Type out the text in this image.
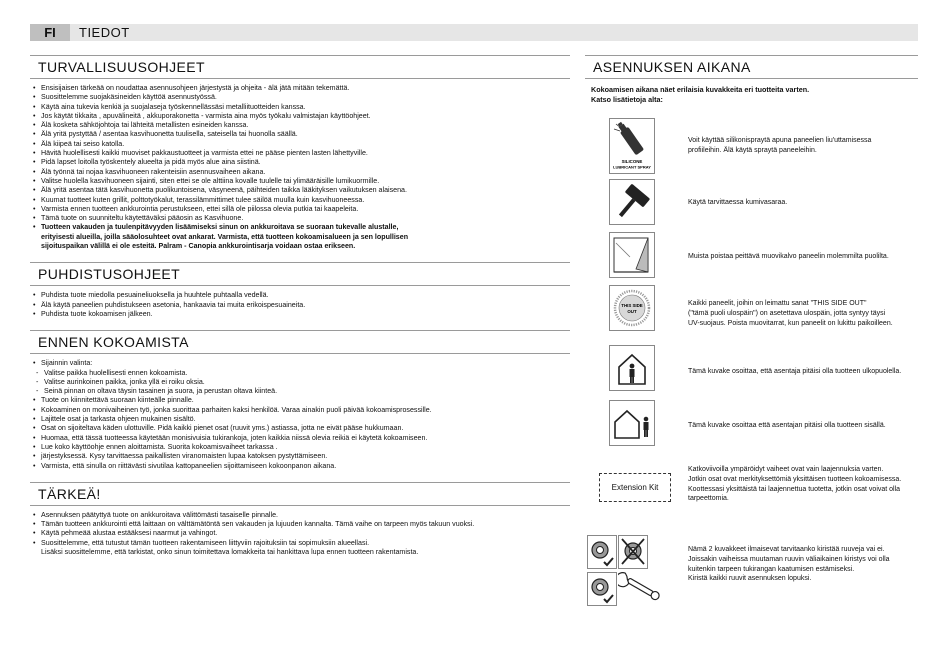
FI	TIEDOT
TURVALLISUUSOHJEET
• Ensisijaisen tärkeää on noudattaa asennusohjeen järjestystä ja ohjeita - älä jätä mitään tekemättä.
• Suosittelemme suojakäsineiden käyttöä asennustyössä.
• Käytä aina tukevia kenkiä ja suojalaseja työskennellässäsi metalliituotteiden kanssa.
• Jos käytät tikkaita , apuvälineitä , akkuporakonetta - varmista aina myös työkalu valmistajan käyttöohjeet.
• Älä kosketa sähköjohtoja tai lähteitä metallisten esineiden kanssa.
• Älä yritä pystyttää / asentaa kasvihuonetta tuulisella, sateisella tai huonolla säällä.
• Älä kiipeä tai seiso katolla.
• Hävitä huolellisesti kaikki muoviset pakkaustuotteet ja varmista ettei ne pääse pienten lasten lähettyville.
• Pidä lapset loitolla työskentely alueelta ja pidä myös alue aina siistinä.
• Älä työnnä tai nojaa kasvihuoneen rakenteisiin asennusvaiheen aikana.
• Valitse huolella kasvihuoneen sijainti, siten ettei se ole alttiina kovalle tuulelle tai ylimääräisille lumikuormille.
• Älä yritä asentaa tätä kasvihuonetta puolikuntoisena, väsyneenä, päihteiden taikka lääkityksen vaikutuksen alaisena.
• Kuumat tuotteet kuten grillit, polttotyökalut, terassilämmittimet tulee säilöä muulla kuin kasvihuoneessa.
• Varmista ennen tuotteen ankkurointia perustukseen, ettei sillä ole piilossa olevia putkia tai kaapeleita.
• Tämä tuote on suunniteltu käytettäväksi pääosin as Kasvihuone.
• Tuotteen vakauden ja tuulenpitävyyden lisäämiseksi sinun on ankkuroitava se suoraan tukevalle alustalle,
erityisesti alueilla, joilla sääolosuhteet ovat ankarat. Varmista, että tuotteen kokoamisalueen ja sen lopullisen
sijoituspaikan välillä ei ole esteitä. Palram - Canopia ankkurointisarja voidaan ostaa erikseen.
PUHDISTUSOHJEET
• Puhdista tuote miedolla pesuaineliuoksella ja huuhtele puhtaalla vedellä.
• Älä käytä paneelien puhdistukseen asetonia, hankaavia tai muita erikoispesuaineita.
• Puhdista tuote kokoamisen jälkeen.
ENNEN KOKOAMISTA
• Sijainnin valinta:
- Valitse paikka huolellisesti ennen kokoamista.
- Valitse aurinkoinen paikka, jonka yllä ei roiku oksia.
- Seinä pinnan on oltava täysin tasainen ja suora, ja perustan oltava kiinteä.
• Tuote on kiinnitettävä suoraan kiinteälle pinnalle.
• Kokoaminen on monivaiheinen työ, jonka suorittaa parhaiten kaksi henkilöä. Varaa ainakin puoli päivää kokoamisprosessille.
• Lajittele osat ja tarkasta ohjeen mukainen sisältö.
• Osat on sijoiteltava käden ulottuville. Pidä kaikki pienet osat (ruuvit yms.) astiassa, jotta ne eivät pääse hukkumaan.
• Huomaa, että tässä tuotteessa käytetään monisivuisia tukirankoja, joten kaikkia niissä olevia reikiä ei käytetä kokoamiseen.
• Lue koko käyttöohje ennen aloittamista. Suorita kokoamisvaiheet tarkassa .
• järjestyksessä. Kysy tarvittaessa paikallisten viranomaisten lupaa katoksen pystyttämiseen.
• Varmista, että sinulla on riittävästi sivutilaa kattopaneelien sijoittamiseen kokoonpanon aikana.
TÄRKEÄ!
• Asennuksen päätyttyä tuote on ankkuroitava välittömästi tasaiselle pinnalle.
• Tämän tuotteen ankkurointi että laittaan on välttämätöntä sen vakauden ja lujuuden kannalta. Tämä vaihe on tarpeen myös takuun vuoksi.
• Käytä pehmeää alustaa estääksesi naarmut ja vahingot.
• Suosittelemme, että tutustut tämän tuotteen rakentamiseen liittyviin rajoituksiin tai sopimuksiin alueellasi.
Lisäksi suosittelemme, että tarkistat, onko sinun toimitettava lomakkeita tai hankittava lupa ennen tuotteen rakentamista.
ASENNUKSEN AIKANA
Kokoamisen aikana näet erilaisia kuvakkeita eri tuotteita varten.
Katso lisätietoja alta:
SILICONE
LUBRICANT SPRAY
Voit käyttää silikonispraytä apuna paneelien liu'uttamisessa
profiileihin. Älä käytä spraytä paneeleihin.
Käytä tarvittaessa kumivasaraa.
Muista poistaa peittävä muovikalvo paneelin molemmilta puolilta.
THIS SIDE
OUT
Kaikki paneelit, joihin on leimattu sanat "THIS SIDE OUT"
("tämä puoli ulospäin") on asetettava ulospäin, jotta syntyy täysi
UV-suojaus. Poista muovitarrat, kun paneelit on lukittu paikoilleen.
Tämä kuvake osoittaa, että asentaja pitäisi olla tuotteen ulkopuolella.
Tämä kuvake osoittaa että asentajan pitäisi olla tuotteen sisällä.
Extension Kit
Katkoviivoilla ympäröidyt vaiheet ovat vain laajennuksia varten.
Jotkin osat ovat merkityksettömiä yksittäisen tuotteen kokoamisessa.
Koottessasi yksittäistä tai laajennettua tuotetta, jotkin osat voivat olla
tarpeettomia.
Nämä 2 kuvakkeet ilmaisevat tarvitaanko kiristää ruuveja vai ei.
Joissakin vaiheissa muutaman ruuvin väliaikainen kiristys voi olla
kuitenkin tarpeen tukirangan kaatumisen estämiseksi.
Kiristä kaikki ruuvit asennuksen lopuksi.
